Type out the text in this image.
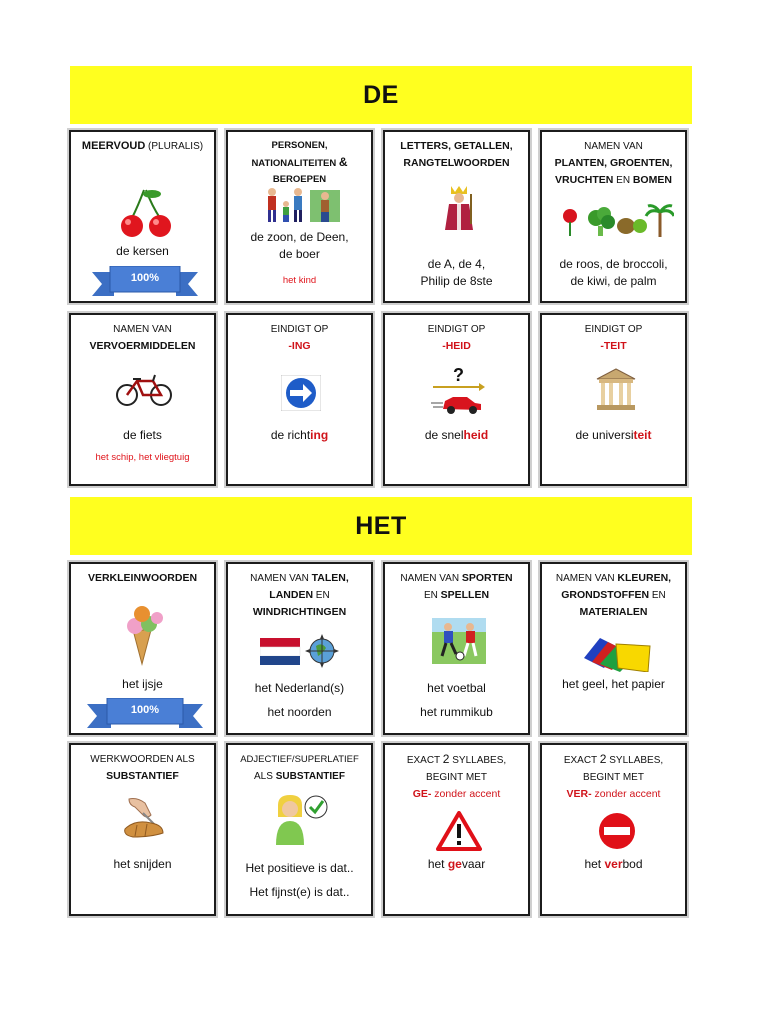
DE
MEERVOUD (PLURALIS)
de kersen
100%
PERSONEN,
NATIONALITEITEN &
BEROEPEN
de zoon, de Deen,
de boer
het kind
LETTERS, GETALLEN,
RANGTELWOORDEN
de A, de 4,
Philip de 8ste
NAMEN VAN
PLANTEN, GROENTEN,
VRUCHTEN EN BOMEN
de roos, de broccoli,
de kiwi, de palm
NAMEN VAN
VERVOERMIDDELEN
de fiets
het schip, het vliegtuig
EINDIGT OP
-ING
de richting
EINDIGT OP
-HEID
?
de snelheid
EINDIGT OP
-TEIT
de universiteit
HET
VERKLEINWOORDEN
het ijsje
100%
NAMEN VAN TALEN,
LANDEN EN
WINDRICHTINGEN
het Nederland(s)
het noorden
NAMEN VAN SPORTEN
EN SPELLEN
het voetbal
het rummikub
NAMEN VAN KLEUREN,
GRONDSTOFFEN EN
MATERIALEN
het geel, het papier
WERKWOORDEN ALS
SUBSTANTIEF
het snijden
ADJECTIEF/SUPERLATIEF
ALS SUBSTANTIEF
Het positieve is dat..
Het fijnst(e) is dat..
EXACT 2 SYLLABES,
BEGINT MET
GE- zonder accent
het gevaar
EXACT 2 SYLLABES,
BEGINT MET
VER- zonder accent
het verbod
